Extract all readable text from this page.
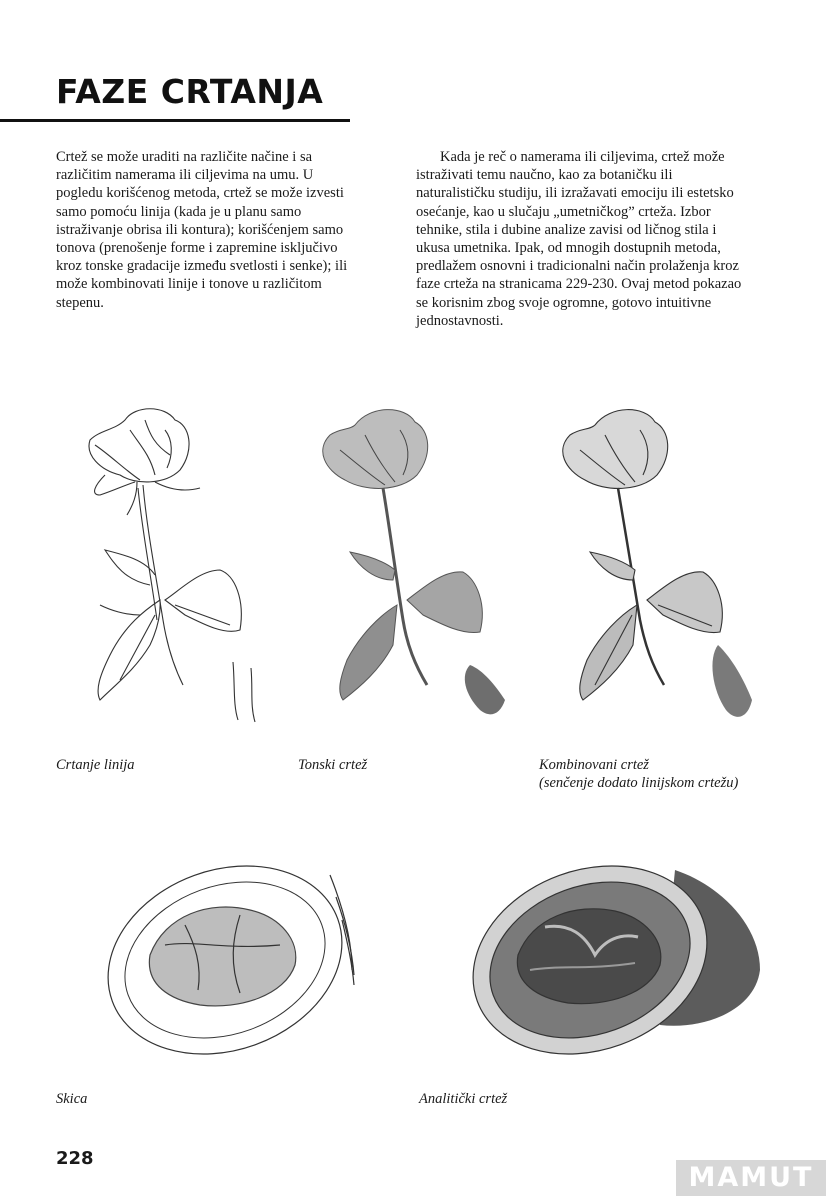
FAZE CRTANJA

Crtež se može uraditi na različite načine i sa različitim namerama ili ciljevima na umu. U pogledu korišćenog metoda, crtež se može izvesti samo pomoću linija (kada je u planu samo istraživanje obrisa ili kontura); korišćenjem samo tonova (prenošenje forme i zapremine isključivo kroz tonske gradacije između svetlosti i senke); ili može kombinovati linije i tonove u različitom stepenu.

Kada je reč o namerama ili ciljevima, crtež može istraživati temu naučno, kao za botaničku ili naturalističku studiju, ili izražavati emociju ili estetsko osećanje, kao u slučaju „umetničkog” crteža. Izbor tehnike, stila i dubine analize zavisi od ličnog stila i ukusa umetnika. Ipak, od mnogih dostupnih metoda, predlažem osnovni i tradicionalni način prolaženja kroz faze crteža na stranicama 229-230. Ovaj metod pokazao se korisnim zbog svoje ogromne, gotovo intuitivne jednostavnosti.

Crtanje linija	Tonski crtež	Kombinovani crtež
(senčenje dodato linijskom crtežu)

Skica	Analitički crtež

228

MAMUT
